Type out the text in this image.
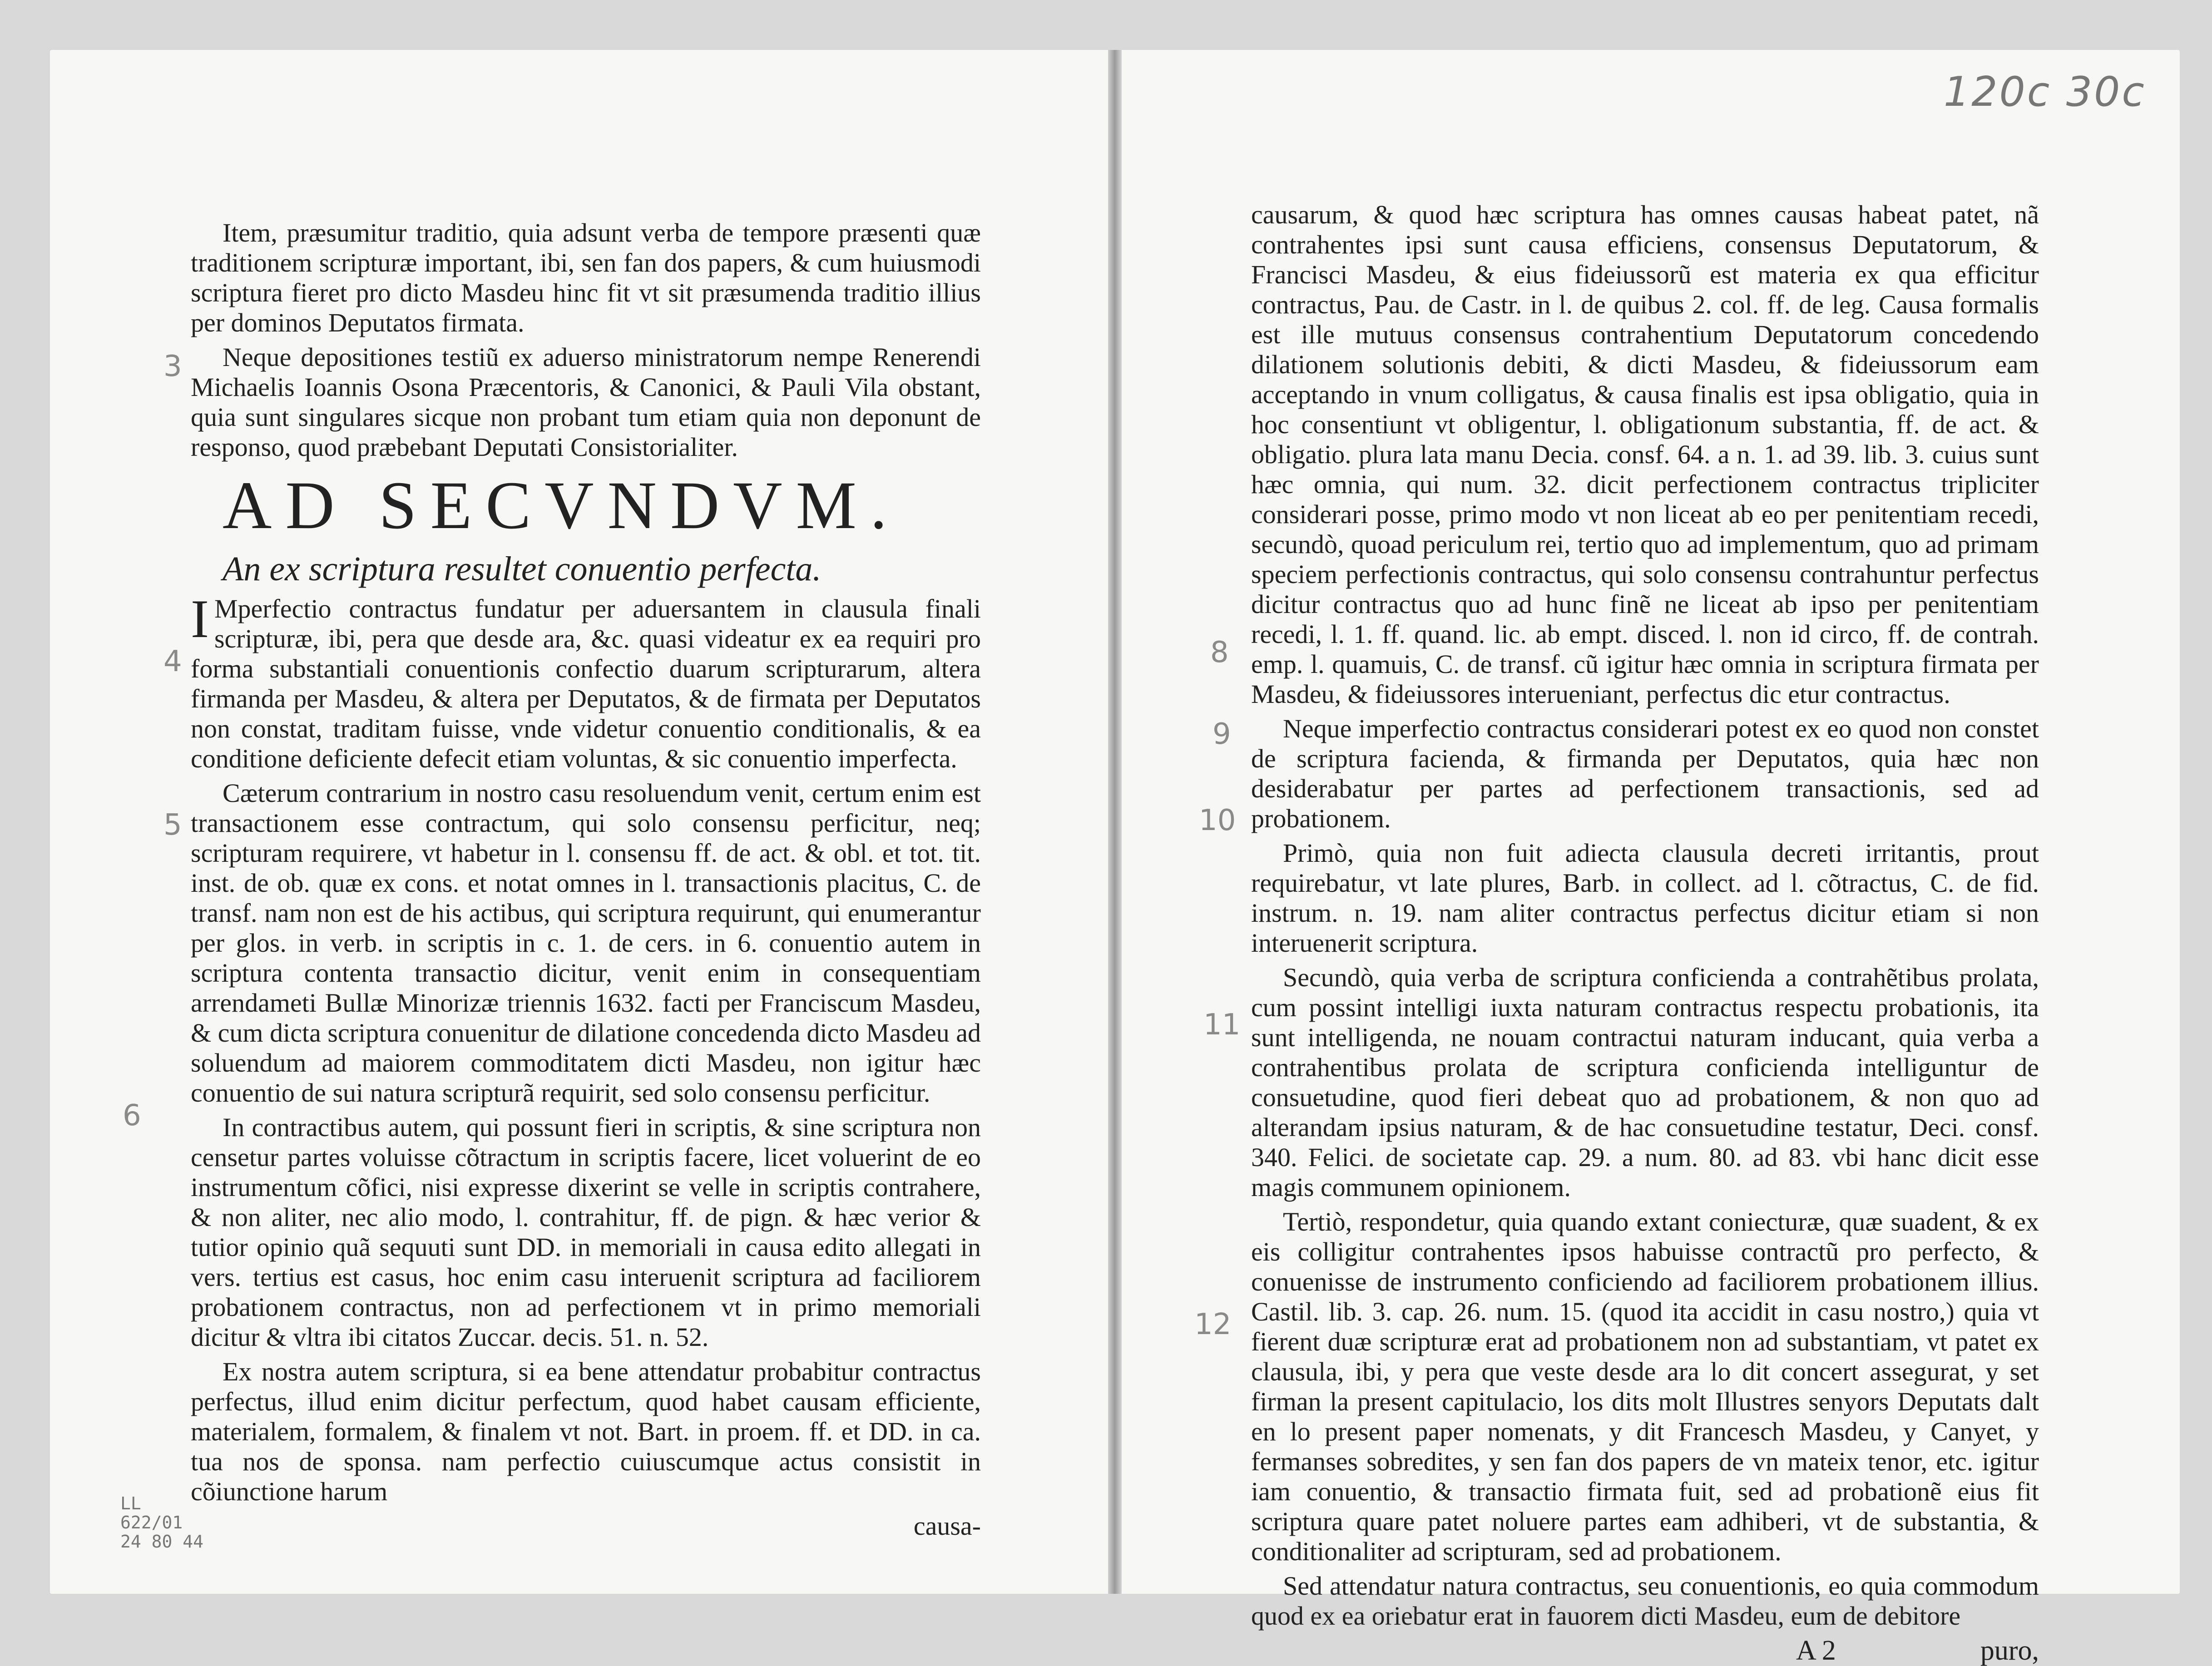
120c 30c

Item, præsumitur traditio, quia adsunt verba de tempore præsenti quæ traditionem scripturæ important, ibi, sen fan dos papers, & cum huiusmodi scriptura fieret pro dicto Masdeu hinc fit vt sit præsumenda traditio illius per dominos Deputatos firmata.

Neque depositiones testiũ ex aduerso ministratorum nempe Renerendi Michaelis Ioannis Osona Præcentoris, & Canonici, & Pauli Vila obstant, quia sunt singulares sicque non probant tum etiam quia non deponunt de responso, quod præbebant Deputati Consistorialiter.

AD SECVNDVM.

An ex scriptura resultet conuentio perfecta.

I Mperfectio contractus fundatur per aduersantem in clausula finali scripturæ, ibi, pera que desde ara, &c. quasi videatur ex ea requiri pro forma substantiali conuentionis confectio duarum scripturarum, altera firmanda per Masdeu, & altera per Deputatos, & de firmata per Deputatos non constat, traditam fuisse, vnde videtur conuentio conditionalis, & ea conditione deficiente defecit etiam voluntas, & sic conuentio imperfecta.

Cæterum contrarium in nostro casu resoluendum venit, certum enim est transactionem esse contractum, qui solo consensu perficitur, neq; scripturam requirere, vt habetur in l. consensu ff. de act. & obl. et tot. tit. inst. de ob. quæ ex cons. et notat omnes in l. transactionis placitus, C. de transf. nam non est de his actibus, qui scriptura requirunt, qui enumerantur per glos. in verb. in scriptis in c. 1. de cers. in 6. conuentio autem in scriptura contenta transactio dicitur, venit enim in consequentiam arrendameti Bullæ Minorizæ triennis 1632. facti per Franciscum Masdeu, & cum dicta scriptura conuenitur de dilatione concedenda dicto Masdeu ad soluendum ad maiorem commoditatem dicti Masdeu, non igitur hæc conuentio de sui natura scripturã requirit, sed solo consensu perficitur.

In contractibus autem, qui possunt fieri in scriptis, & sine scriptura non censetur partes voluisse cõtractum in scriptis facere, licet voluerint de eo instrumentum cõfici, nisi expresse dixerint se velle in scriptis contrahere, & non aliter, nec alio modo, l. contrahitur, ff. de pign. & hæc verior & tutior opinio quã sequuti sunt DD. in memoriali in causa edito allegati in vers. tertius est casus, hoc enim casu interuenit scriptura ad faciliorem probationem contractus, non ad perfectionem vt in primo memoriali dicitur & vltra ibi citatos Zuccar. decis. 51. n. 52.

Ex nostra autem scriptura, si ea bene attendatur probabitur contractus perfectus, illud enim dicitur perfectum, quod habet causam efficiente, materialem, formalem, & finalem vt not. Bart. in proem. ff. et DD. in ca. tua nos de sponsa. nam perfectio cuiuscumque actus consistit in cõiunctione harum

causa-

causarum, & quod hæc scriptura has omnes causas habeat patet, nã contrahentes ipsi sunt causa efficiens, consensus Deputatorum, & Francisci Masdeu, & eius fideiussorũ est materia ex qua efficitur contractus, Pau. de Castr. in l. de quibus 2. col. ff. de leg. Causa formalis est ille mutuus consensus contrahentium Deputatorum concedendo dilationem solutionis debiti, & dicti Masdeu, & fideiussorum eam acceptando in vnum colligatus, & causa finalis est ipsa obligatio, quia in hoc consentiunt vt obligentur, l. obligationum substantia, ff. de act. & obligatio. plura lata manu Decia. consf. 64. a n. 1. ad 39. lib. 3. cuius sunt hæc omnia, qui num. 32. dicit perfectionem contractus tripliciter considerari posse, primo modo vt non liceat ab eo per penitentiam recedi, secundò, quoad periculum rei, tertio quo ad implementum, quo ad primam speciem perfectionis contractus, qui solo consensu contrahuntur perfectus dicitur contractus quo ad hunc finẽ ne liceat ab ipso per penitentiam recedi, l. 1. ff. quand. lic. ab empt. disced. l. non id circo, ff. de contrah. emp. l. quamuis, C. de transf. cũ igitur hæc omnia in scriptura firmata per Masdeu, & fideiussores interueniant, perfectus dic etur contractus.

Neque imperfectio contractus considerari potest ex eo quod non constet de scriptura facienda, & firmanda per Deputatos, quia hæc non desiderabatur per partes ad perfectionem transactionis, sed ad probationem.

Primò, quia non fuit adiecta clausula decreti irritantis, prout requirebatur, vt late plures, Barb. in collect. ad l. cõtractus, C. de fid. instrum. n. 19. nam aliter contractus perfectus dicitur etiam si non interuenerit scriptura.

Secundò, quia verba de scriptura conficienda a contrahẽtibus prolata, cum possint intelligi iuxta naturam contractus respectu probationis, ita sunt intelligenda, ne nouam contractui naturam inducant, quia verba a contrahentibus prolata de scriptura conficienda intelliguntur de consuetudine, quod fieri debeat quo ad probationem, & non quo ad alterandam ipsius naturam, & de hac consuetudine testatur, Deci. consf. 340. Felici. de societate cap. 29. a num. 80. ad 83. vbi hanc dicit esse magis communem opinionem.

Tertiò, respondetur, quia quando extant coniecturæ, quæ suadent, & ex eis colligitur contrahentes ipsos habuisse contractũ pro perfecto, & conuenisse de instrumento conficiendo ad faciliorem probationem illius. Castil. lib. 3. cap. 26. num. 15. (quod ita accidit in casu nostro,) quia vt fierent duæ scripturæ erat ad probationem non ad substantiam, vt patet ex clausula, ibi, y pera que veste desde ara lo dit concert assegurat, y set firman la present capitulacio, los dits molt Illustres senyors Deputats dalt en lo present paper nomenats, y dit Francesch Masdeu, y Canyet, y fermanses sobredites, y sen fan dos papers de vn mateix tenor, etc. igitur iam conuentio, & transactio firmata fuit, sed ad probationẽ eius fit scriptura quare patet noluere partes eam adhiberi, vt de substantia, & conditionaliter ad scripturam, sed ad probationem.

Sed attendatur natura contractus, seu conuentionis, eo quia commodum quod ex ea oriebatur erat in fauorem dicti Masdeu, eum de debitore

A 2	puro,
3
4
5
6
8
9
10
11
12
LL
622/01
24 80 44
